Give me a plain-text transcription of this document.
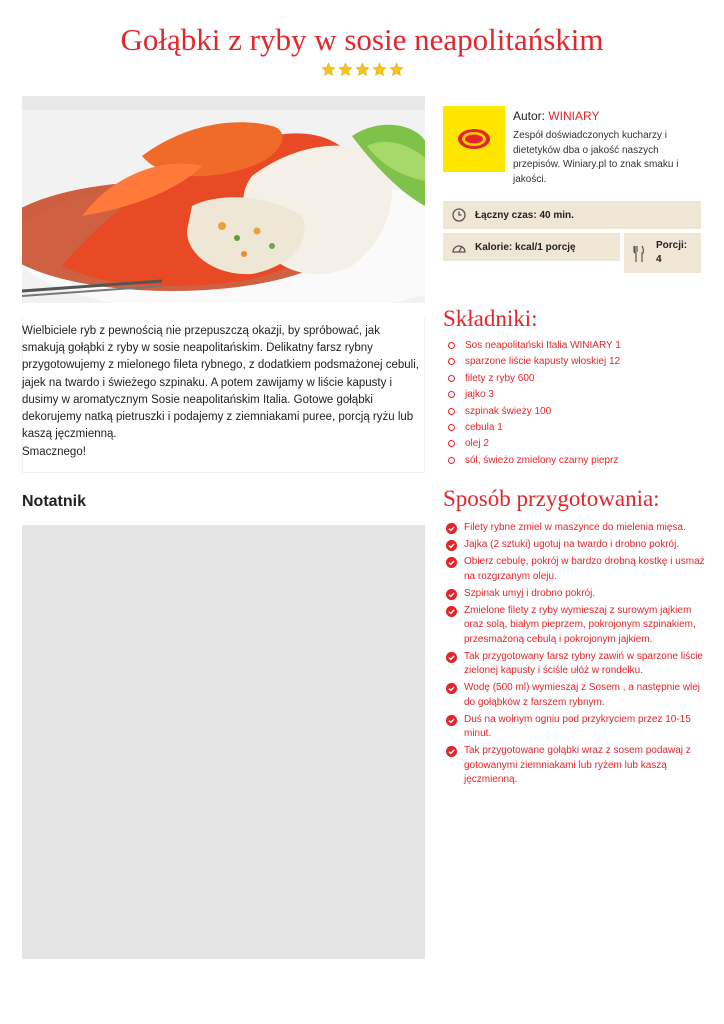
Gołąbki z ryby w sosie neapolitańskim
Autor: WINIARY
Zespół doświadczonych kucharzy i dietetyków dba o jakość naszych przepisów. Winiary.pl to znak smaku i jakości.
Łączny czas: 40 min.
Kalorie: kcal/1 porcję	Porcji:
4

Wielbiciele ryb z pewnością nie przepuszczą okazji, by spróbować, jak smakują gołąbki z ryby w sosie neapolitańskim. Delikatny farsz rybny przygotowujemy z mielonego fileta rybnego, z dodatkiem podsmażonej cebuli, jajek na twardo i świeżego szpinaku. A potem zawijamy w liście kapusty i dusimy w aromatycznym Sosie neapolitańskim Italia. Gotowe gołąbki dekorujemy natką pietruszki i podajemy z ziemniakami puree, porcją ryżu lub kaszą jęczmienną.

Smacznego!

Notatnik
Składniki:
Sos neapolitański Italia WINIARY 1
sparzone liście kapusty włoskiej 12
filety z ryby 600
jajko 3
szpinak świeży 100
cebula 1
olej 2
sól, świeżo zmielony czarny pieprz
Sposób przygotowania:
Filety rybne zmiel w maszynce do mielenia mięsa.
Jajka (2 sztuki) ugotuj na twardo i drobno pokrój.
Obierz cebulę, pokrój w bardzo drobną kostkę i usmaż na rozgrzanym oleju.
Szpinak umyj i drobno pokrój.
Zmielone filety z ryby wymieszaj z surowym jajkiem oraz solą, białym pieprzem, pokrojonym szpinakiem, przesmażoną cebulą i pokrojonym jajkiem.
Tak przygotowany farsz rybny zawiń w sparzone liście zielonej kapusty i ściśle ułóż w rondelku.
Wodę (500 ml) wymieszaj z Sosem , a następnie wlej do gołąbków z farszem rybnym.
Duś na wolnym ogniu pod przykryciem przez 10-15 minut.
Tak przygotowane gołąbki wraz z sosem podawaj z gotowanymi ziemniakami lub ryżem lub kaszą jęczmienną.
